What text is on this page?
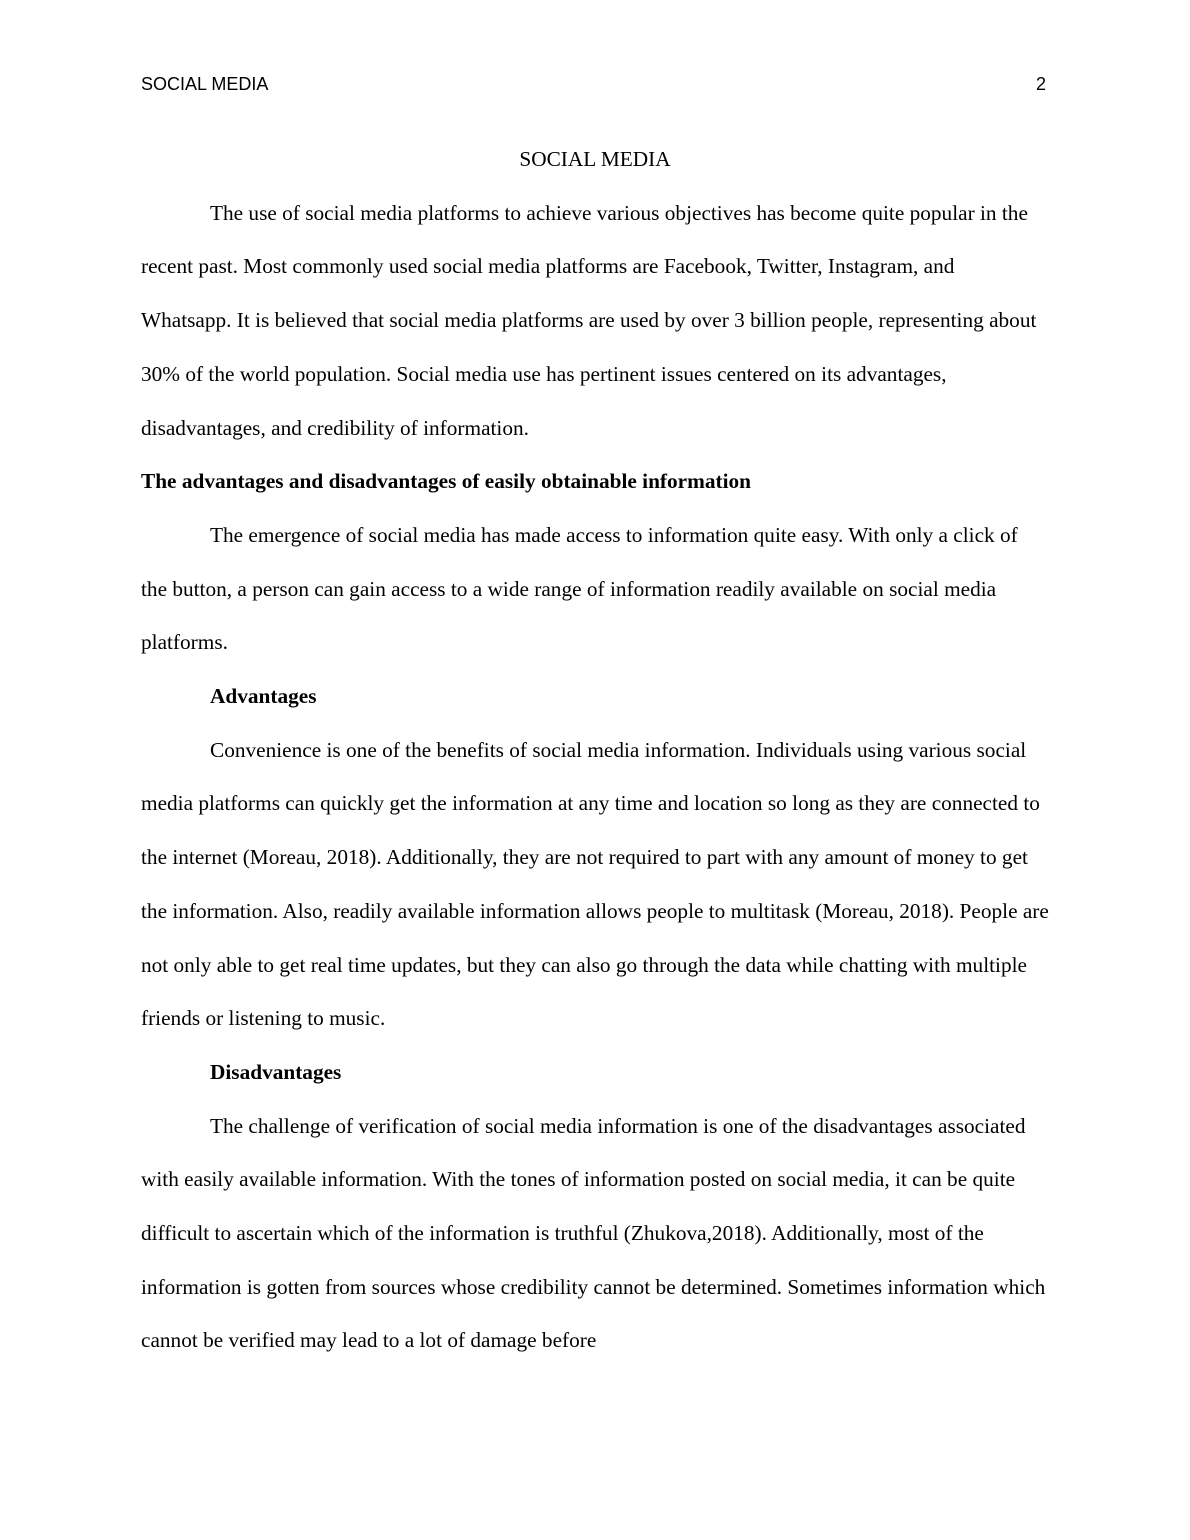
SOCIAL MEDIA	2

SOCIAL MEDIA

The use of social media platforms to achieve various objectives has become quite popular in the recent past. Most commonly used social media platforms are Facebook, Twitter, Instagram, and Whatsapp. It is believed that social media platforms are used by over 3 billion people, representing about 30% of the world population. Social media use has pertinent issues centered on its advantages, disadvantages, and credibility of information.

The advantages and disadvantages of easily obtainable information

The emergence of social media has made access to information quite easy. With only a click of the button, a person can gain access to a wide range of information readily available on social media platforms.

Advantages

Convenience is one of the benefits of social media information. Individuals using various social media platforms can quickly get the information at any time and location so long as they are connected to the internet (Moreau, 2018). Additionally, they are not required to part with any amount of money to get the information. Also, readily available information allows people to multitask (Moreau, 2018). People are not only able to get real time updates, but they can also go through the data while chatting with multiple friends or listening to music.

Disadvantages

The challenge of verification of social media information is one of the disadvantages associated with easily available information. With the tones of information posted on social media, it can be quite difficult to ascertain which of the information is truthful (Zhukova,2018). Additionally, most of the information is gotten from sources whose credibility cannot be determined. Sometimes information which cannot be verified may lead to a lot of damage before
